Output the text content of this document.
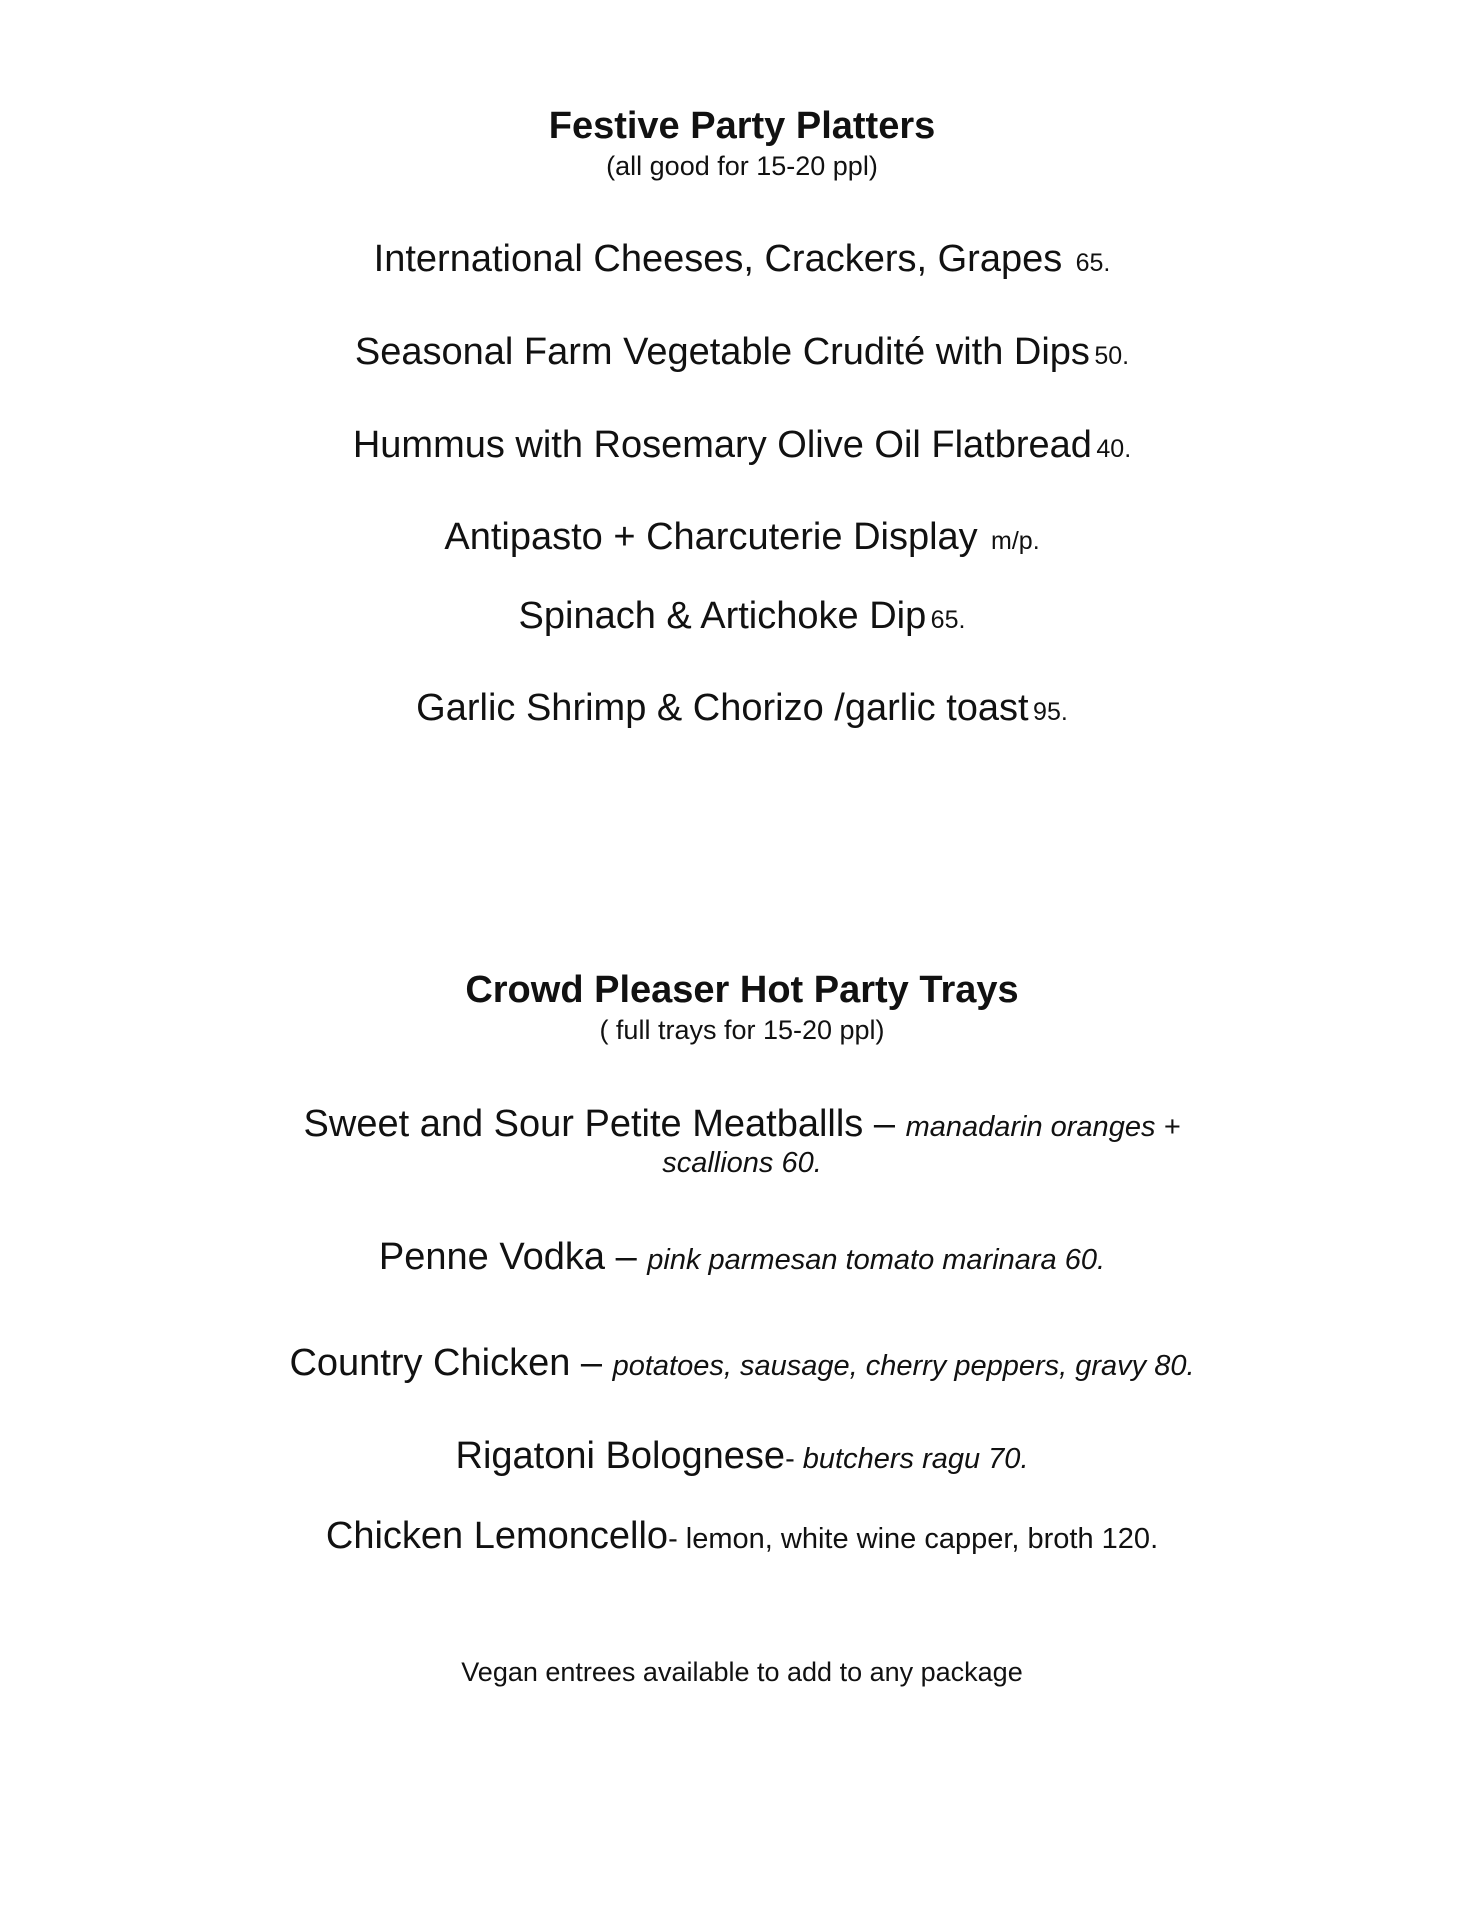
Festive Party Platters
(all good for 15-20 ppl)
International Cheeses, Crackers, Grapes 65.
Seasonal Farm Vegetable Crudité with Dips 50.
Hummus with Rosemary Olive Oil Flatbread 40.
Antipasto + Charcuterie Display m/p.
Spinach & Artichoke Dip 65.
Garlic Shrimp & Chorizo /garlic toast 95.
Crowd Pleaser Hot Party Trays
( full trays for 15-20 ppl)
Sweet and Sour Petite Meatballls – manadarin oranges +
scallions 60.
Penne Vodka – pink parmesan tomato marinara 60.
Country Chicken – potatoes, sausage, cherry peppers, gravy 80.
Rigatoni Bolognese- butchers ragu 70.
Chicken Lemoncello- lemon, white wine capper, broth 120.
Vegan entrees available to add to any package
